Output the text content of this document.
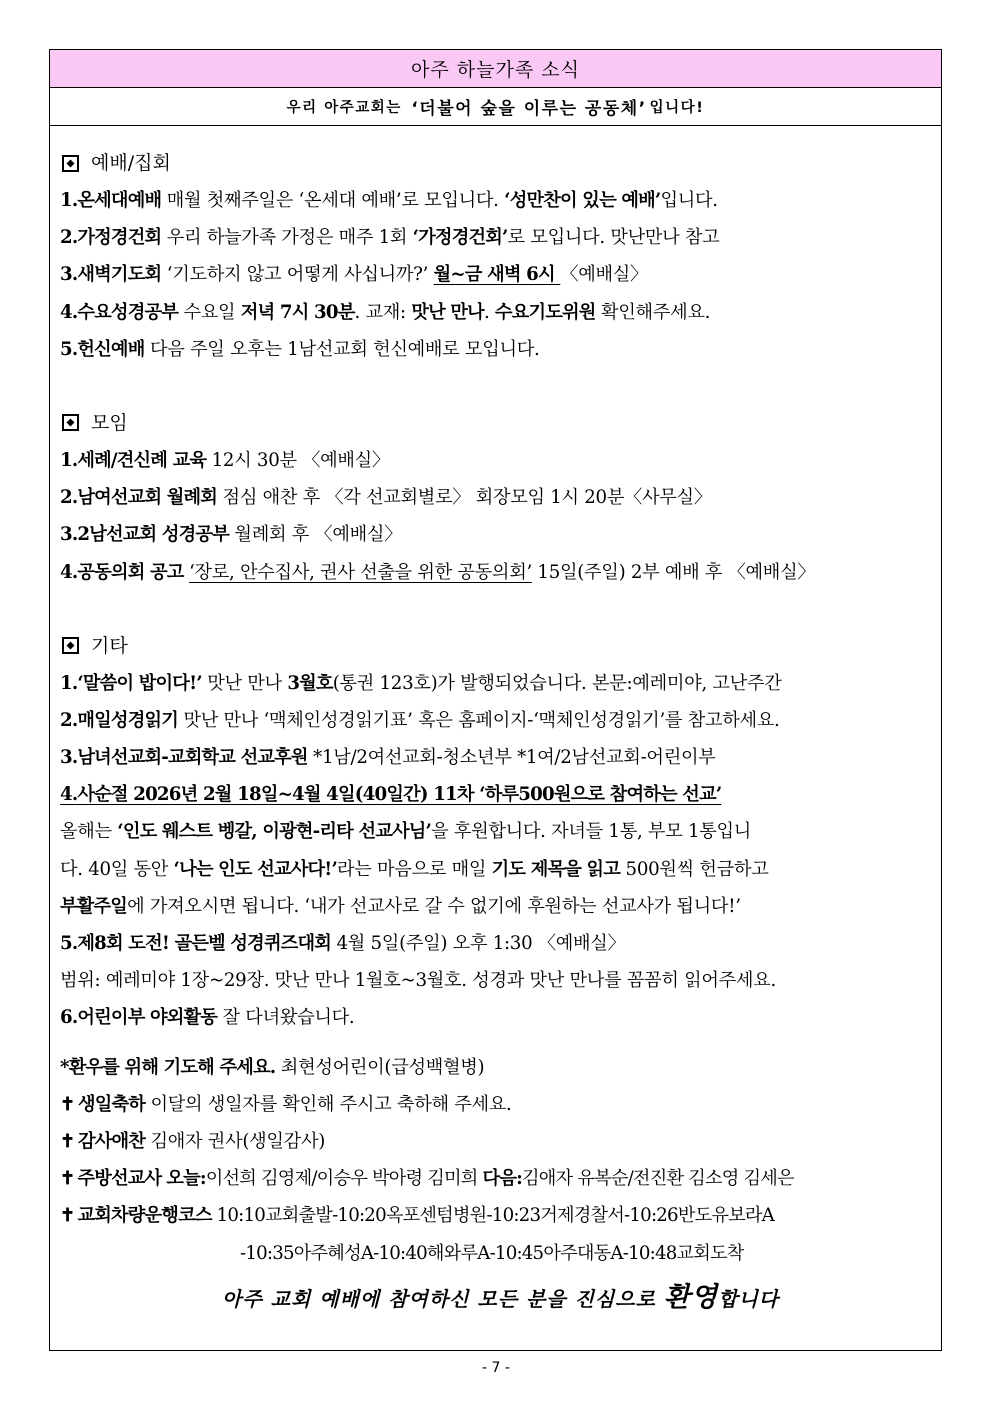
아주 하늘가족 소식
우리 아주교회는
‘더불어 숲을 이루는 공동체’ 입니다!
예배/집회
1.온세대예배 매월 첫째주일은 ‘온세대 예배’로 모입니다. ‘성만찬이 있는 예배’입니다.
2.가정경건회 우리 하늘가족 가정은 매주 1회 ‘가정경건회’로 모입니다. 맛난만나 참고
3.새벽기도회 ‘기도하지 않고 어떻게 사십니까?’ 월~금 새벽 6시 〈예배실〉
4.수요성경공부 수요일 저녁 7시 30분. 교재: 맛난 만나. 수요기도위원 확인해주세요.
5.헌신예배 다음 주일 오후는 1남선교회 헌신예배로 모입니다.
모임
1.세례/견신례 교육 12시 30분 〈예배실〉
2.남여선교회 월례회 점심 애찬 후 〈각 선교회별로〉 회장모임 1시 20분〈사무실〉
3.2남선교회 성경공부 월례회 후 〈예배실〉
4.공동의회 공고 ‘장로, 안수집사, 권사 선출을 위한 공동의회’ 15일(주일) 2부 예배 후 〈예배실〉
기타
1.‘말씀이 밥이다!’ 맛난 만나 3월호(통권 123호)가 발행되었습니다. 본문:예레미야, 고난주간
2.매일성경읽기 맛난 만나 ‘맥체인성경읽기표’ 혹은 홈페이지-‘맥체인성경읽기’를 참고하세요.
3.남녀선교회-교회학교 선교후원 *1남/2여선교회-청소년부 *1여/2남선교회-어린이부
4.사순절 2026년 2월 18일~4월 4일(40일간) 11차 ‘하루500원으로 참여하는 선교’
올해는 ‘인도 웨스트 벵갈, 이광현-리타 선교사님’을 후원합니다. 자녀들 1통, 부모 1통입니
다. 40일 동안 ‘나는 인도 선교사다!’라는 마음으로 매일 기도 제목을 읽고 500원씩 헌금하고
부활주일에 가져오시면 됩니다. ‘내가 선교사로 갈 수 없기에 후원하는 선교사가 됩니다!’
5.제8회 도전! 골든벨 성경퀴즈대회 4월 5일(주일) 오후 1:30 〈예배실〉
범위: 예레미야 1장~29장. 맛난 만나 1월호~3월호. 성경과 맛난 만나를 꼼꼼히 읽어주세요.
6.어린이부 야외활동 잘 다녀왔습니다.
*환우를 위해 기도해 주세요. 최현성어린이(급성백혈병)
✝ 생일축하 이달의 생일자를 확인해 주시고 축하해 주세요.
✝ 감사애찬 김애자 권사(생일감사)
✝ 주방선교사 오늘:이선희 김영제/이승우 박아령 김미희 다음:김애자 유복순/전진환 김소영 김세은
✝ 교회차량운행코스 10:10교회출발-10:20옥포센텀병원-10:23거제경찰서-10:26반도유보라A
-10:35아주혜성A-10:40해와루A-10:45아주대동A-10:48교회도착
아주 교회 예배에 참여하신 모든 분을 진심으로 환영합니다
- 7 -
